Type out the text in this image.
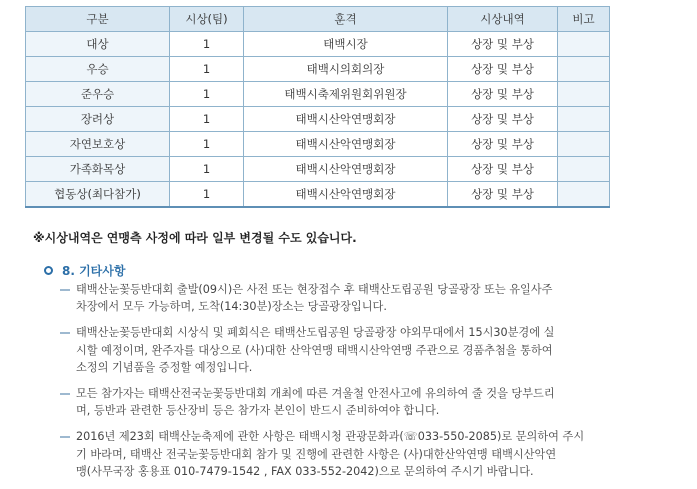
구분	시상(팀)	훈격	시상내역	비고
대상	1	태백시장	상장 및 부상	
우승	1	태백시의회의장	상장 및 부상	
준우승	1	태백시축제위원회위원장	상장 및 부상	
장려상	1	태백시산악연맹회장	상장 및 부상	
자연보호상	1	태백시산악연맹회장	상장 및 부상	
가족화목상	1	태백시산악연맹회장	상장 및 부상	
협동상(최다참가)	1	태백시산악연맹회장	상장 및 부상	
※시상내역은 연맹측 사정에 따라 일부 변경될 수도 있습니다.
8. 기타사항
태백산눈꽃등반대회 출발(09시)은 사전 또는 현장접수 후 태백산도립공원 당골광장 또는 유일사주
차장에서 모두 가능하며, 도착(14:30분)장소는 당골광장입니다.
태백산눈꽃등반대회 시상식 및 폐회식은 태백산도립공원 당골광장 야외무대에서 15시30분경에 실
시할 예정이며, 완주자를 대상으로 (사)대한 산악연맹 태백시산악연맹 주관으로 경품추첨을 통하여
소정의 기념품을 증정할 예정입니다.
모든 참가자는 태백산전국눈꽃등반대회 개최에 따른 겨울철 안전사고에 유의하여 줄 것을 당부드리
며, 등반과 관련한 등산장비 등은 참가자 본인이 반드시 준비하여야 합니다.
2016년 제23회 태백산눈축제에 관한 사항은 태백시청 관광문화과(☏033-550-2085)로 문의하여 주시
기 바라며, 태백산 전국눈꽃등반대회 참가 및 진행에 관련한 사항은 (사)대한산악연맹 태백시산악연
맹(사무국장 홍용표 010-7479-1542 , FAX 033-552-2042)으로 문의하여 주시기 바랍니다.
